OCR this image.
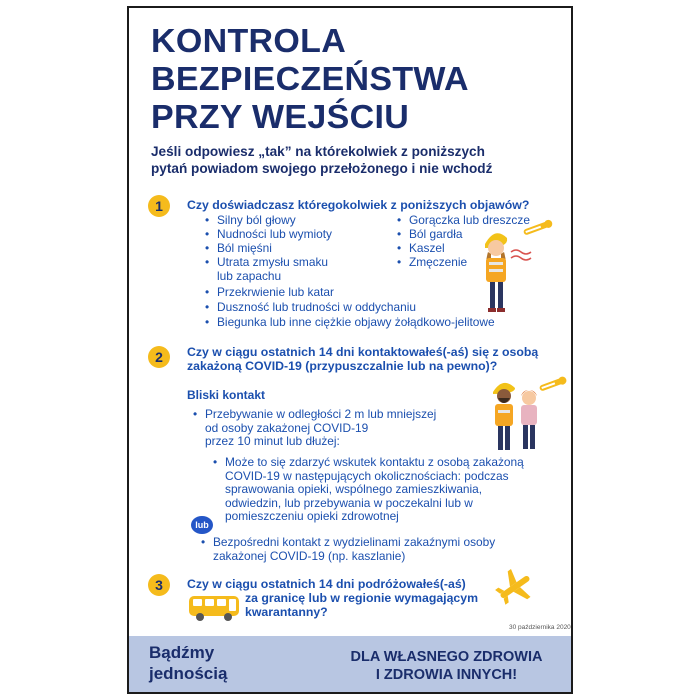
KONTROLA
BEZPIECZEŃSTWA
PRZY WEJŚCIU

Jeśli odpowiesz „tak” na którekolwiek z poniższych
pytań powiadom swojego przełożonego i nie wchodź

1	Czy doświadczasz któregokolwiek z poniższych objawów?

• Silny ból głowy
• Nudności lub wymioty
• Ból mięśni
• Utrata zmysłu smaku
lub zapachu
• Przekrwienie lub katar
• Duszność lub trudności w oddychaniu
• Biegunka lub inne ciężkie objawy żołądkowo-jelitowe
• Gorączka lub dreszcze
• Ból gardła
• Kaszel
• Zmęczenie
2	Czy w ciągu ostatnich 14 dni kontaktowałeś(-aś) się z osobą
zakażoną COVID-19 (przypuszczalnie lub na pewno)?

Bliski kontakt
• Przebywanie w odległości 2 m lub mniejszej
od osoby zakażonej COVID-19
przez 10 minut lub dłużej:
• Może to się zdarzyć wskutek kontaktu z osobą zakażoną
COVID-19 w następujących okolicznościach: podczas
sprawowania opieki, wspólnego zamieszkiwania,
odwiedzin, lub przebywania w poczekalni lub w
pomieszczeniu opieki zdrowotnej
lub
• Bezpośredni kontakt z wydzielinami zakaźnymi osoby
zakażonej COVID-19 (np. kaszlanie)
3	Czy w ciągu ostatnich 14 dni podróżowałeś(-aś)
za granicę lub w regionie wymagającym
kwarantanny?

30 października 2020
Bądźmy
jednością
DLA WŁASNEGO ZDROWIA
I ZDROWIA INNYCH!
